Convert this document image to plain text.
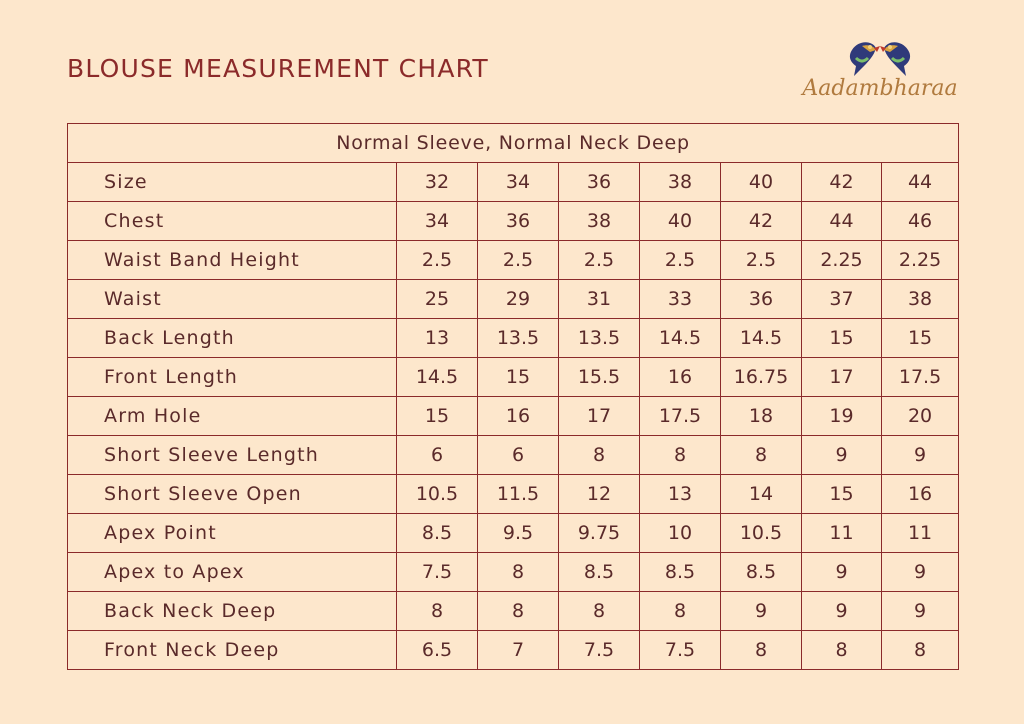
BLOUSE MEASUREMENT CHART
Aadambharaa
Normal Sleeve, Normal Neck Deep							
Size	32	34	36	38	40	42	44
Chest	34	36	38	40	42	44	46
Waist Band Height	2.5	2.5	2.5	2.5	2.5	2.25	2.25
Waist	25	29	31	33	36	37	38
Back Length	13	13.5	13.5	14.5	14.5	15	15
Front Length	14.5	15	15.5	16	16.75	17	17.5
Arm Hole	15	16	17	17.5	18	19	20
Short Sleeve Length	6	6	8	8	8	9	9
Short Sleeve Open	10.5	11.5	12	13	14	15	16
Apex Point	8.5	9.5	9.75	10	10.5	11	11
Apex to Apex	7.5	8	8.5	8.5	8.5	9	9
Back Neck Deep	8	8	8	8	9	9	9
Front Neck Deep	6.5	7	7.5	7.5	8	8	8
